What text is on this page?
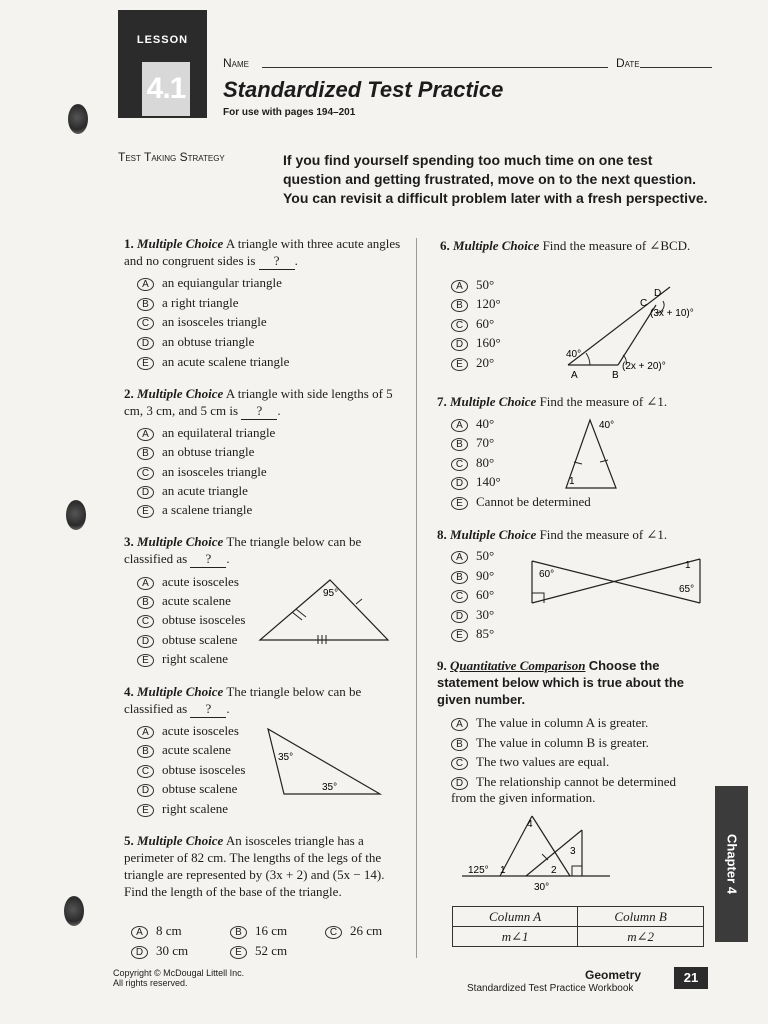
LESSON
4.1
Name	Date
Standardized Test Practice
For use with pages 194–201
Test Taking Strategy	If you find yourself spending too much time on one test question and getting frustrated, move on to the next question. You can revisit a difficult problem later with a fresh perspective.
1. Multiple Choice A triangle with three acute angles and no congruent sides is ? .
A an equiangular triangle
B a right triangle
C an isosceles triangle
D an obtuse triangle
E an acute scalene triangle
2. Multiple Choice A triangle with side lengths of 5 cm, 3 cm, and 5 cm is ? .
A an equilateral triangle
B an obtuse triangle
C an isosceles triangle
D an acute triangle
E a scalene triangle
3. Multiple Choice The triangle below can be classified as ? .
A acute isosceles
B acute scalene
C obtuse isosceles
D obtuse scalene
E right scalene
95°
4. Multiple Choice The triangle below can be classified as ? .
A acute isosceles
B acute scalene
C obtuse isosceles
D obtuse scalene
E right scalene
35°
35°
5. Multiple Choice An isosceles triangle has a perimeter of 82 cm. The lengths of the legs of the triangle are represented by (3x + 2) and (5x − 14). Find the length of the base of the triangle.
A 8 cm	B 16 cm	C 26 cm
D 30 cm	E 52 cm
6. Multiple Choice Find the measure of ∠BCD.
A 50°
B 120°
C 60°
D 160°
E 20°
D
C
(3x + 10)°
40°
A	B
(2x + 20)°
7. Multiple Choice Find the measure of ∠1.
A 40°
B 70°
C 80°
D 140°
E Cannot be determined
40°
1
8. Multiple Choice Find the measure of ∠1.
A 50°
B 90°
C 60°
D 30°
E 85°
60°
1
65°
9. Quantitative Comparison Choose the statement below which is true about the given number.
A The value in column A is greater.
B The value in column B is greater.
C The two values are equal.
D The relationship cannot be determined from the given information.
4
3
2
1
125°
30°
Column A	Column B
m∠1	m∠2
Chapter 4
Copyright © McDougal Littell Inc.
All rights reserved.
Geometry
Standardized Test Practice Workbook
21
